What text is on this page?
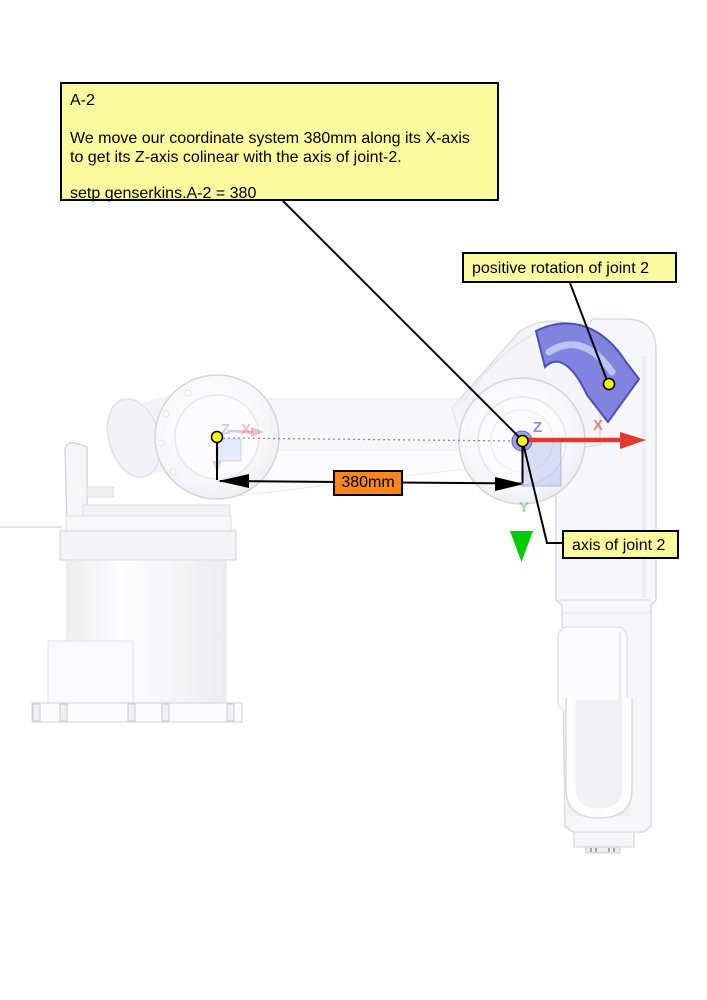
A-2
We move our coordinate system 380mm along its X-axis
to get its Z-axis colinear with the axis of joint-2.
setp genserkins.A-2 = 380
positive rotation of joint 2
axis of joint 2
380mm
X
Z
Y
Z X
